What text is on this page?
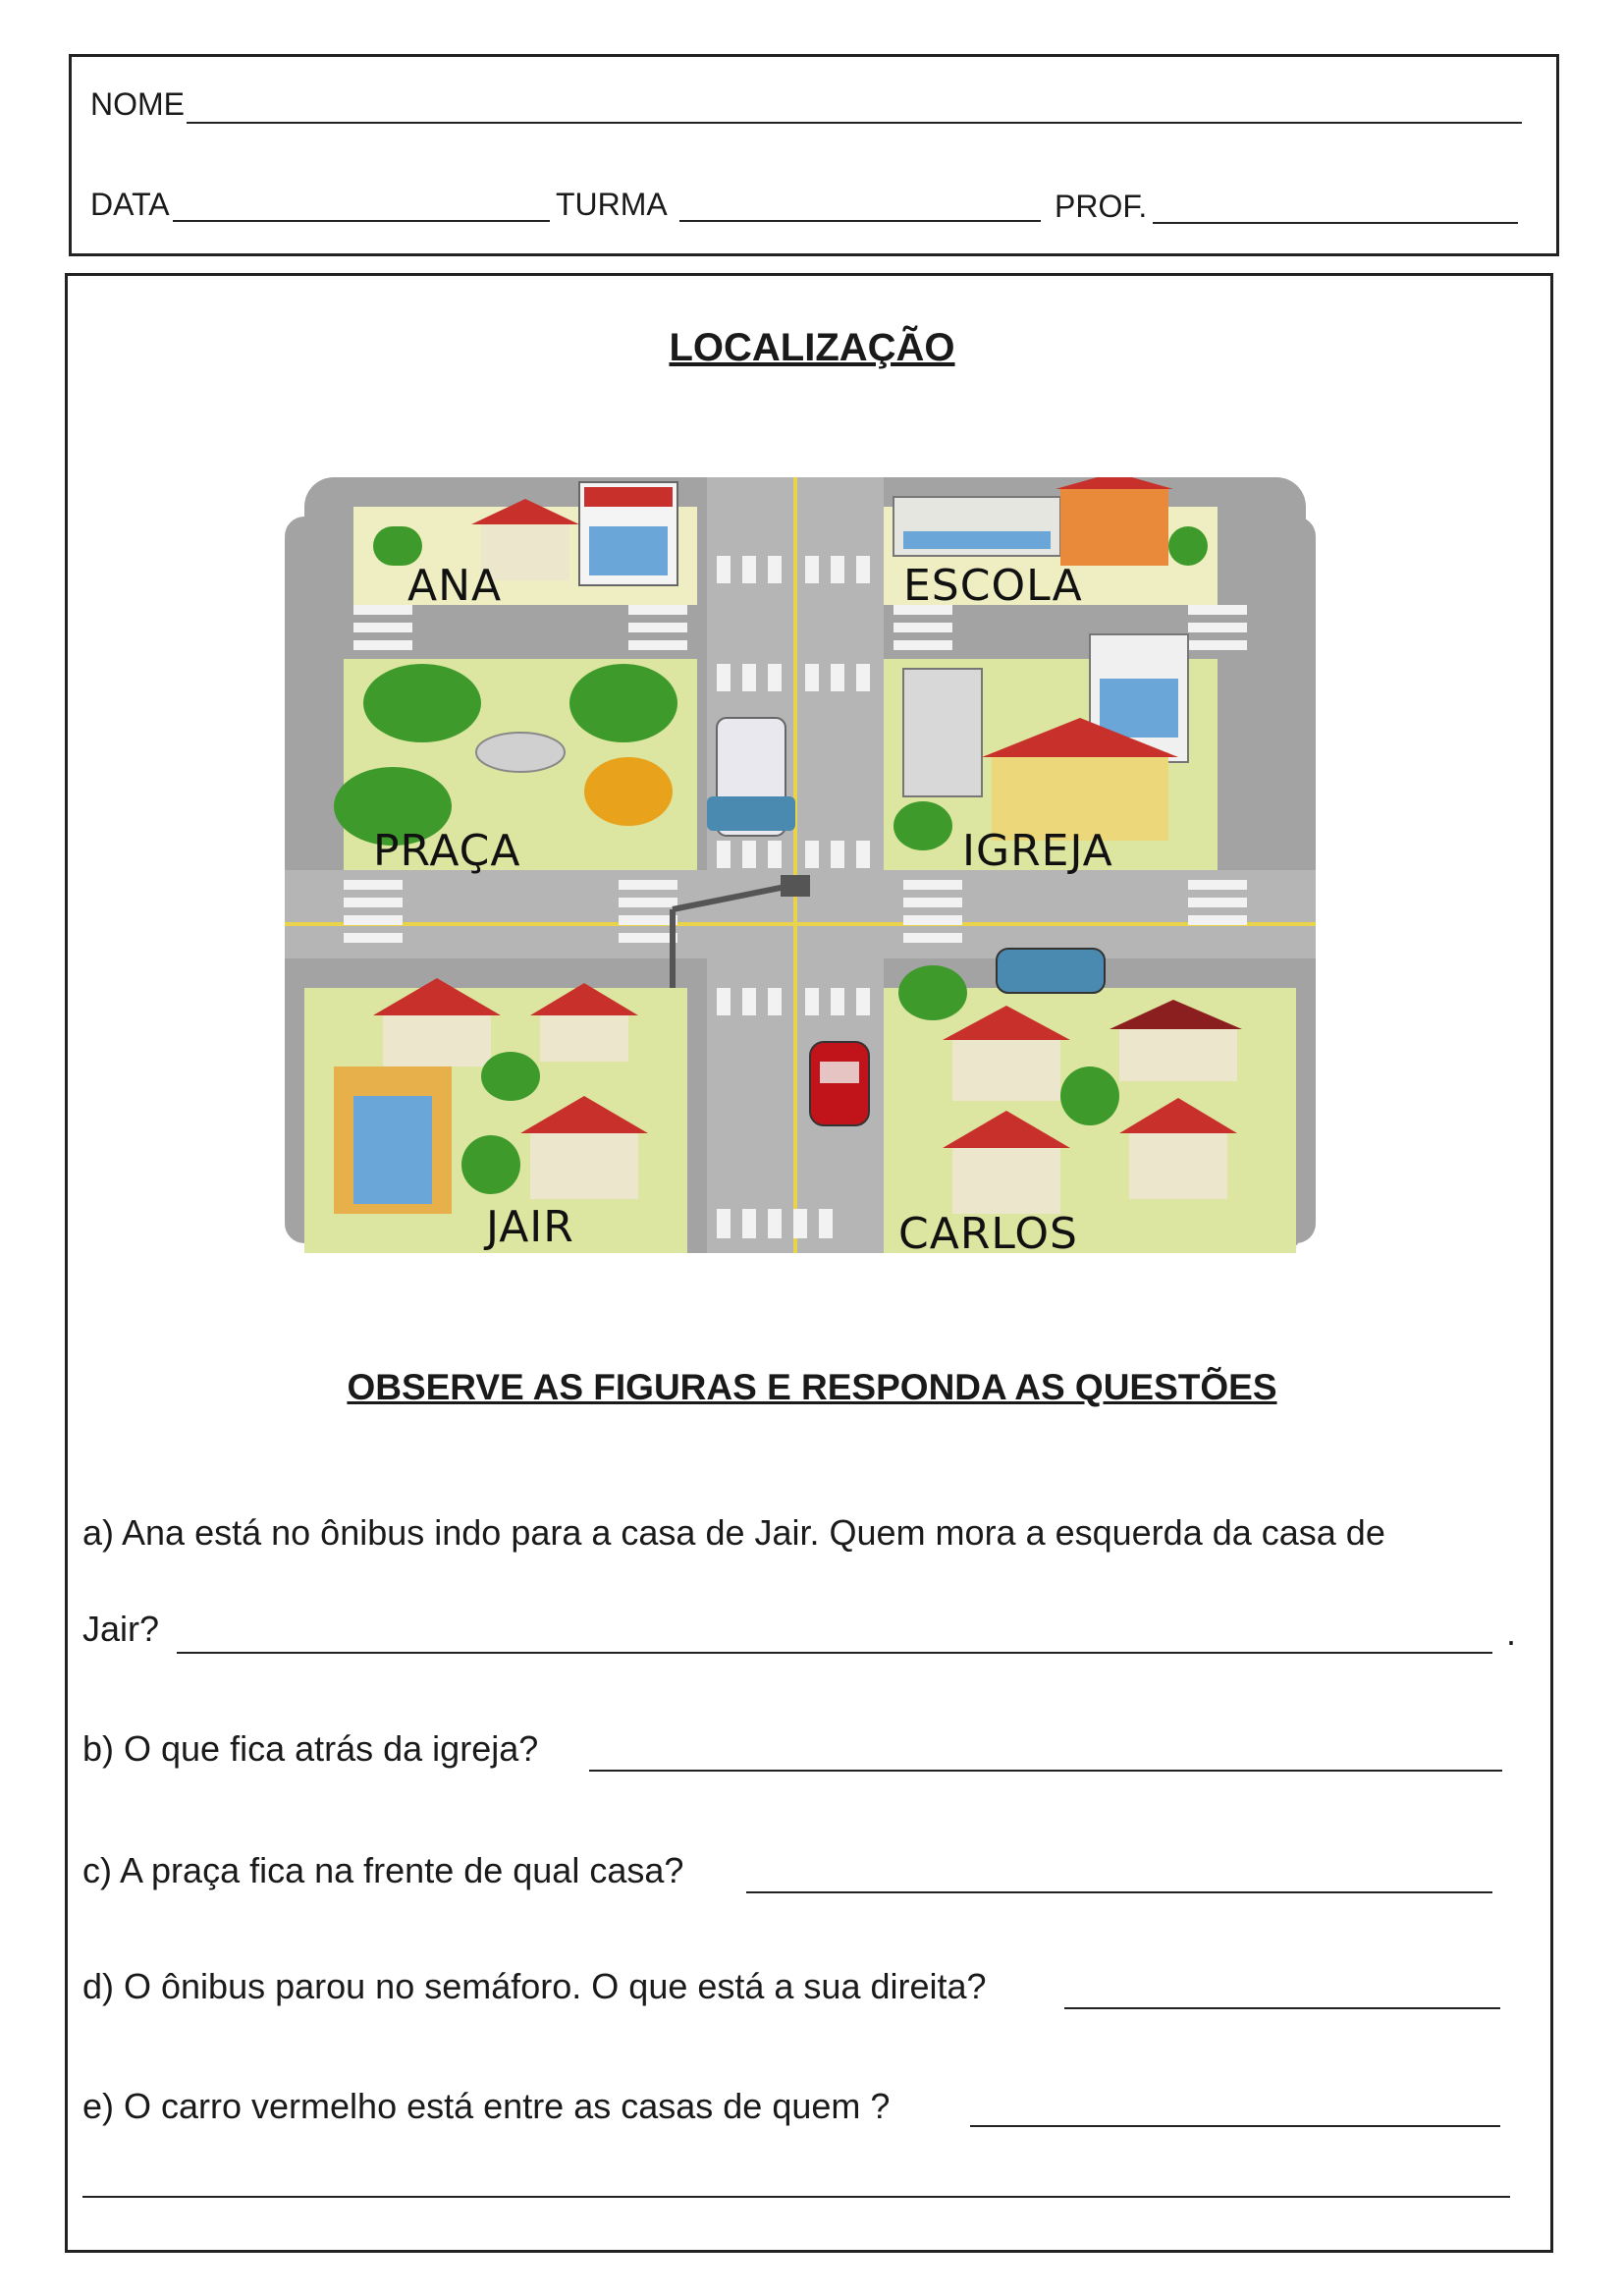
NOME
DATA	TURMA	PROF.
LOCALIZAÇÃO
ANA	ESCOLA
PRAÇA	IGREJA
JAIR	CARLOS
OBSERVE AS FIGURAS E RESPONDA AS QUESTÕES
a) Ana está no ônibus indo para a casa de Jair. Quem mora a esquerda da casa de
Jair?	.
b) O que fica atrás da igreja?
c) A praça fica na frente de qual casa?
d) O ônibus parou no semáforo. O que está a sua direita?
e) O carro vermelho está entre as casas de quem ?
